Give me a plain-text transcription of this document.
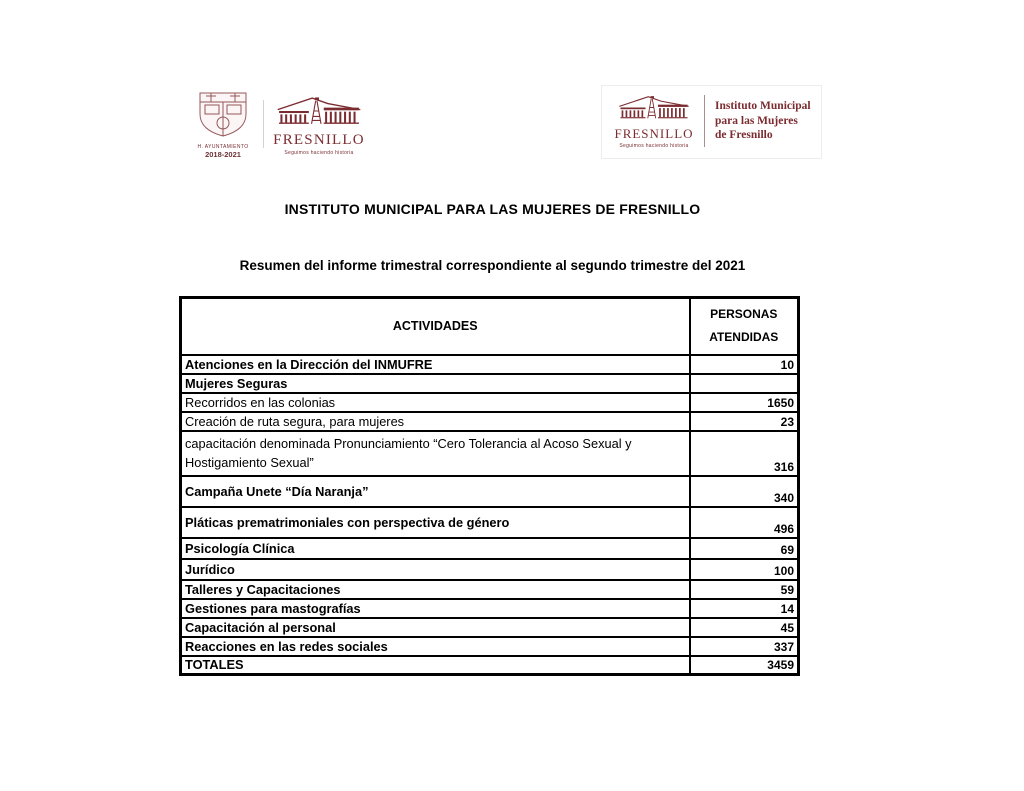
H. AYUNTAMIENTO
2018-2021
FRESNILLO
Seguimos haciendo historia
FRESNILLO
Seguimos haciendo historia
Instituto Municipal
para las Mujeres
de Fresnillo
INSTITUTO MUNICIPAL PARA LAS MUJERES DE FRESNILLO
Resumen del informe trimestral correspondiente al segundo trimestre del 2021
ACTIVIDADES	PERSONAS ATENDIDAS
Atenciones en la Dirección del INMUFRE	10
Mujeres Seguras	
Recorridos en las colonias	1650
Creación de ruta segura, para mujeres	23
capacitación denominada Pronunciamiento “Cero Tolerancia al Acoso Sexual y Hostigamiento Sexual”	316
Campaña Unete “Día Naranja”	340
Pláticas prematrimoniales con perspectiva de género	496
Psicología Clínica	69
Jurídico	100
Talleres y Capacitaciones	59
Gestiones para mastografías	14
Capacitación al personal	45
Reacciones en las redes sociales	337
TOTALES	3459
